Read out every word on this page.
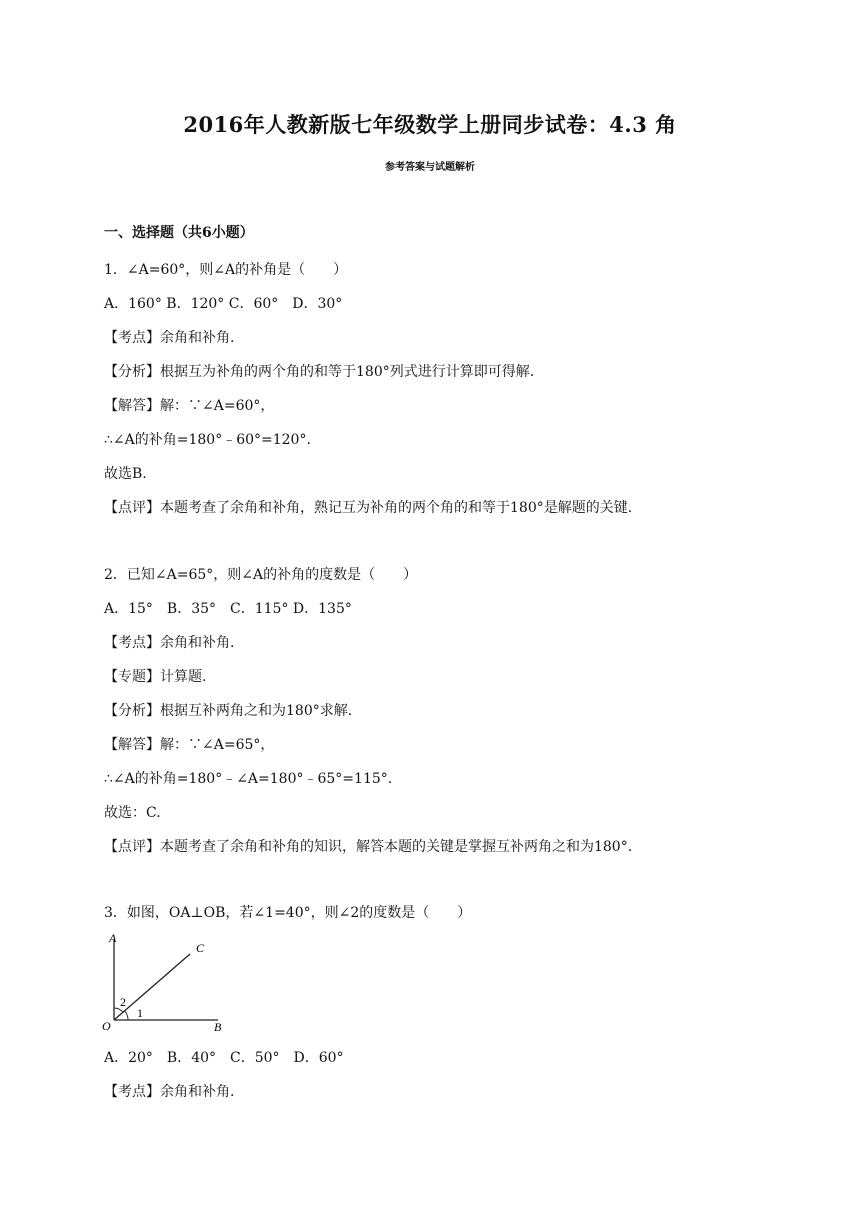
2016年人教新版七年级数学上册同步试卷：4.3 角
参考答案与试题解析
一、选择题（共6小题）
1．∠A=60°，则∠A的补角是（　　）
A．160° B．120° C．60°　D．30°
【考点】余角和补角.
【分析】根据互为补角的两个角的和等于180°列式进行计算即可得解.
【解答】解：∵∠A=60°，
∴∠A的补角=180°﹣60°=120°.
故选B.
【点评】本题考查了余角和补角，熟记互为补角的两个角的和等于180°是解题的关键.
2．已知∠A=65°，则∠A的补角的度数是（　　）
A．15°　B．35°　C．115° D．135°
【考点】余角和补角.
【专题】计算题.
【分析】根据互补两角之和为180°求解.
【解答】解：∵∠A=65°，
∴∠A的补角=180°﹣∠A=180°﹣65°=115°.
故选：C.
【点评】本题考查了余角和补角的知识，解答本题的关键是掌握互补两角之和为180°.
3．如图，OA⊥OB，若∠1=40°，则∠2的度数是（　　）
A
C
O	B
1
2
A．20°　B．40°　C．50°　D．60°
【考点】余角和补角.
